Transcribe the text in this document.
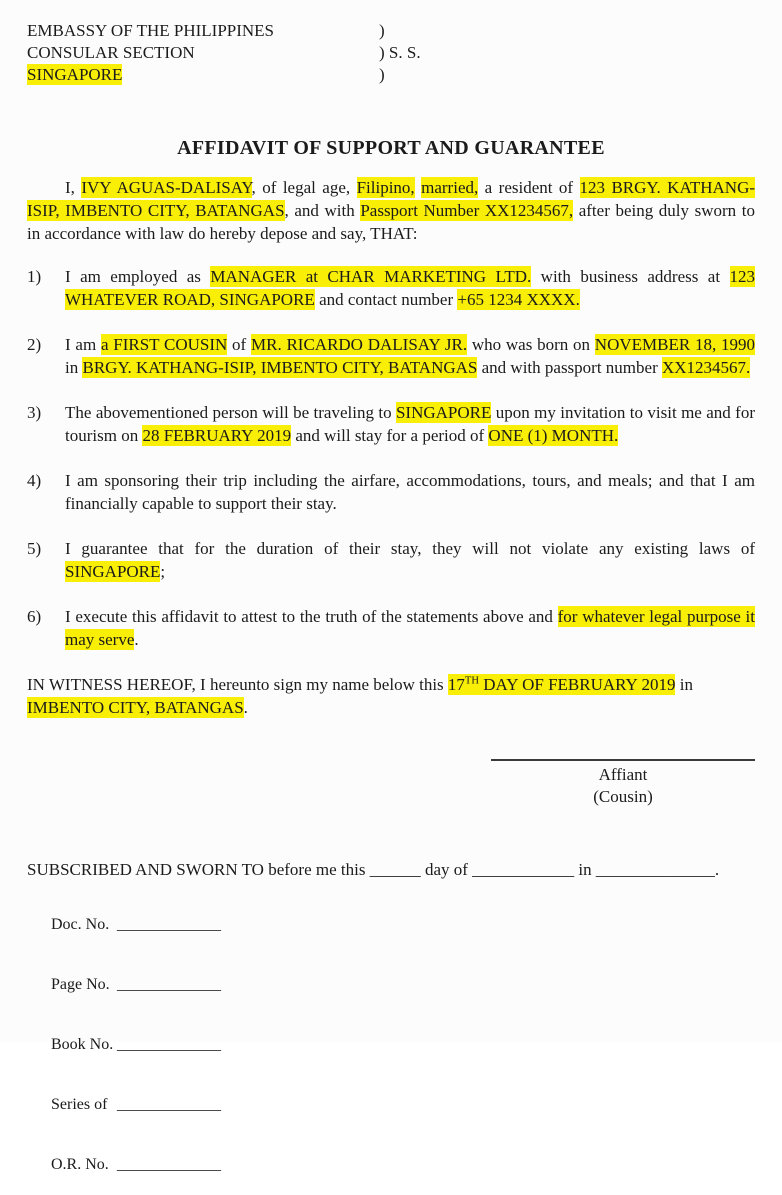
EMBASSY OF THE PHILIPPINES	)
CONSULAR SECTION	) S. S.
SINGAPORE	)
AFFIDAVIT OF SUPPORT AND GUARANTEE

I, IVY AGUAS-DALISAY, of legal age, Filipino, married, a resident of 123 BRGY. KATHANG-ISIP, IMBENTO CITY, BATANGAS, and with Passport Number XX1234567, after being duly sworn to in accordance with law do hereby depose and say, THAT:

1)	I am employed as MANAGER at CHAR MARKETING LTD. with business address at 123 WHATEVER ROAD, SINGAPORE and contact number +65 1234 XXXX.
2)	I am a FIRST COUSIN of MR. RICARDO DALISAY JR. who was born on NOVEMBER 18, 1990 in BRGY. KATHANG-ISIP, IMBENTO CITY, BATANGAS and with passport number XX1234567.
3)	The abovementioned person will be traveling to SINGAPORE upon my invitation to visit me and for tourism on 28 FEBRUARY 2019 and will stay for a period of ONE (1) MONTH.
4)	I am sponsoring their trip including the airfare, accommodations, tours, and meals; and that I am financially capable to support their stay.
5)	I guarantee that for the duration of their stay, they will not violate any existing laws of SINGAPORE;
6)	I execute this affidavit to attest to the truth of the statements above and for whatever legal purpose it may serve.

IN WITNESS HEREOF, I hereunto sign my name below this 17TH DAY OF FEBRUARY 2019 in IMBENTO CITY, BATANGAS.

Affiant
(Cousin)

SUBSCRIBED AND SWORN TO before me this ______ day of ____________ in ______________.

Doc. No. _____________

Page No. _____________

Book No. _____________

Series of _____________

O.R. No. _____________
